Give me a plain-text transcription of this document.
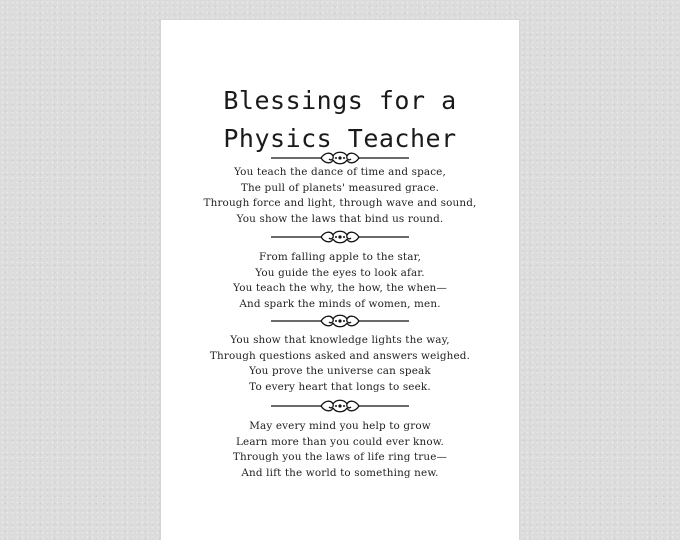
Blessings for a
Physics Teacher
You teach the dance of time and space,
The pull of planets' measured grace.
Through force and light, through wave and sound,
You show the laws that bind us round.
From falling apple to the star,
You guide the eyes to look afar.
You teach the why, the how, the when—
And spark the minds of women, men.
You show that knowledge lights the way,
Through questions asked and answers weighed.
You prove the universe can speak
To every heart that longs to seek.
May every mind you help to grow
Learn more than you could ever know.
Through you the laws of life ring true—
And lift the world to something new.
